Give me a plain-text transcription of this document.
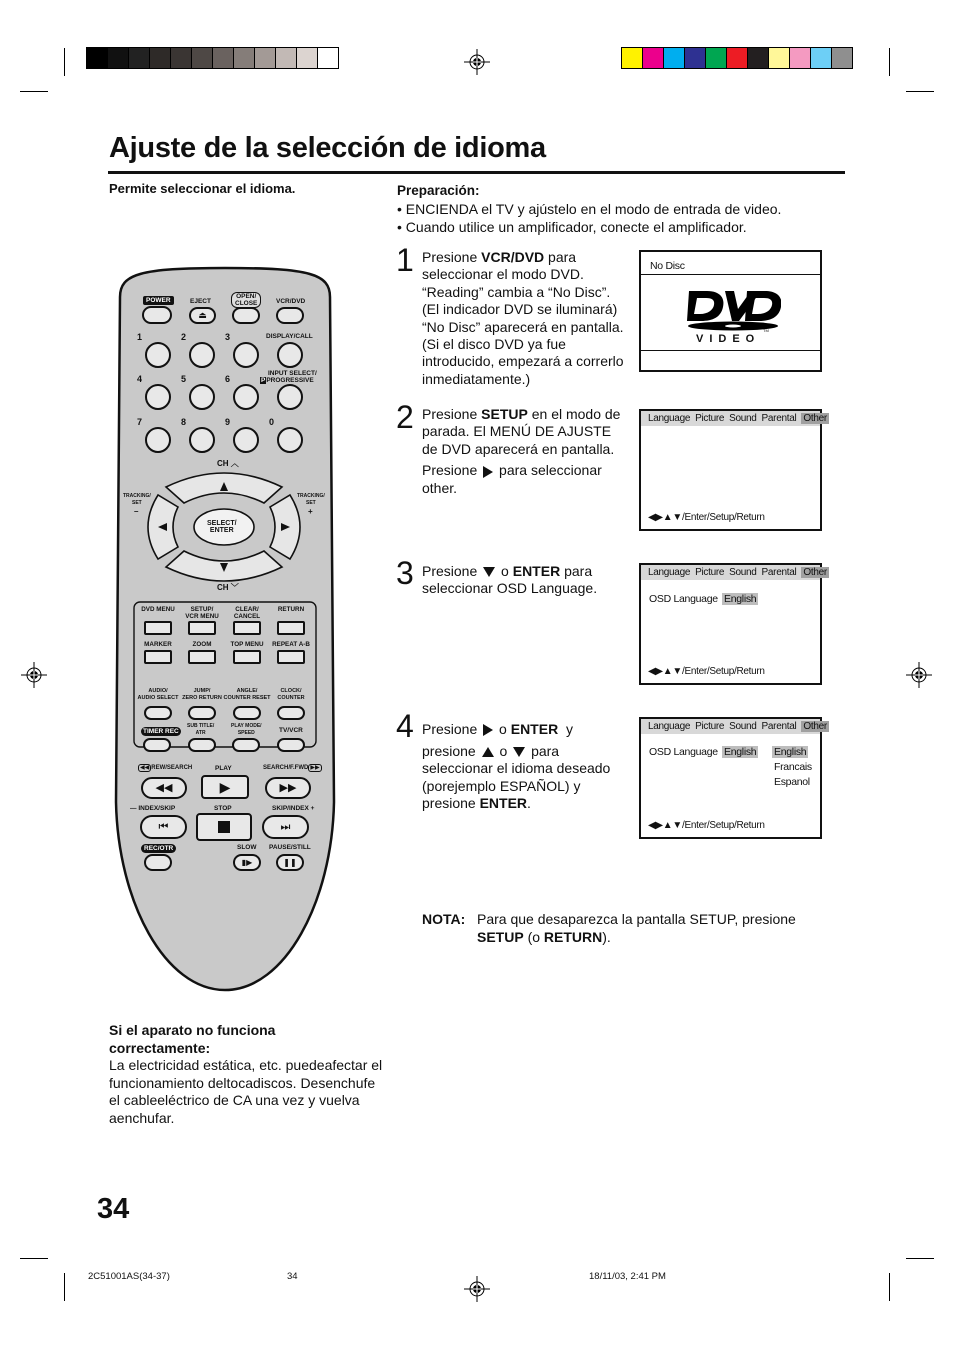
Ajuste de la selección de idioma
Permite seleccionar el idioma.	Preparación:
• ENCIENDA el TV y ajústelo en el modo de entrada de video.
• Cuando utilice un amplificador, conecte el amplificador.
1 Presione VCR/DVD para seleccionar el modo DVD. “Reading” cambia a “No Disc”. (El indicador DVD se iluminará) “No Disc” aparecerá en pantalla. (Si el disco DVD ya fue introducido, empezará a correrlo inmediatamente.)
No Disc
VIDEO
TM
2 Presione SETUP en el modo de parada. El MENÚ DE AJUSTE de DVD aparecerá en pantalla.
Presione para seleccionar other.
Language Picture Sound Parental Other
◀▶▲▼/Enter/Setup/Return
3 Presione o ENTER para seleccionar OSD Language.
Language Picture Sound Parental Other
OSD Language English
◀▶▲▼/Enter/Setup/Return
4 Presione o ENTER y
presione o para seleccionar el idioma deseado (porejemplo ESPAÑOL) y presione ENTER.
Language Picture Sound Parental Other
OSD Language English English
Francais
Espanol
◀▶▲▼/Enter/Setup/Return
NOTA: Para que desaparezca la pantalla SETUP, presione
SETUP (o RETURN).
Si el aparato no funciona correctamente:
La electricidad estática, etc. puedeafectar el funcionamiento deltocadiscos. Desenchufe el cableeléctrico de CA una vez y vuelva aenchufar.
34
2C51001AS(34-37)	34	18/11/03, 2:41 PM
POWER	EJECT
⏏
OPEN/
CLOSE	VCR/DVD
DISPLAY/CALL
INPUT SELECT/
PPROGRESSIVE
CH ︿
CH ﹀
TRACKING/
SET
–
TRACKING/
SET
+
SELECT/
ENTER
TIMER REC
SUB TITLE/
ATR
PLAY MODE/
SPEED	TV/VCR
◀◀ REW/SEARCH	PLAY	SEARCH/F.FWD ▶▶
◀◀	▶	▶▶
— INDEX/SKIP	STOP	SKIP/INDEX +
⏮	⏭
REC/OTR	SLOW PAUSE/STILL
▮▶	❚❚
1	2	3
4	5	6
7	8	9	0
DVD MENU	SETUP/
VCR MENU
CLEAR/
CANCEL
RETURN
MARKER	ZOOM	TOP MENU	REPEAT A-B
AUDIO/
AUDIO SELECT
JUMP/
ZERO RETURN
ANGLE/
COUNTER RESET
CLOCK/
COUNTER
